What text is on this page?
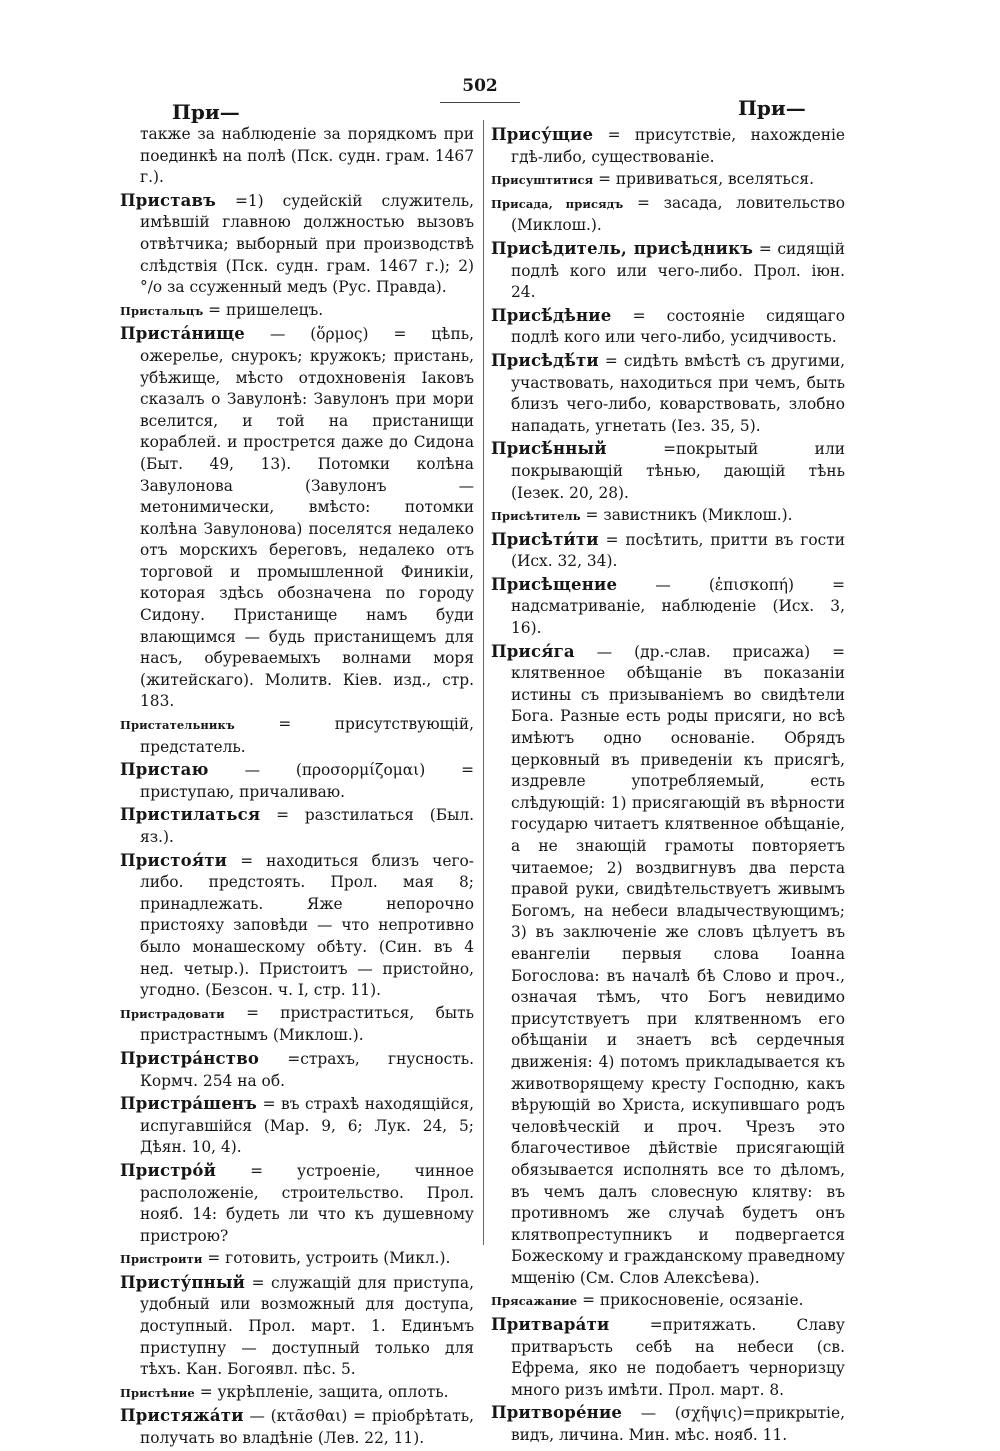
При—
502
При—

также за наблюденіе за порядкомъ при поединкѣ на полѣ (Пск. судн. грам. 1467 г.).

Приставъ =1) судейскій служитель, имѣвшій главною должностью вызовъ отвѣтчика; выборный при производствѣ слѣдствія (Пск. судн. грам. 1467 г.); 2) °/o за ссуженный медъ (Рус. Правда).

Пристальцъ = пришелецъ.

Пристáнище — (ὅρμος) = цѣпь, ожерелье, снурокъ; кружокъ; пристань, убѣжище, мѣсто отдохновенія Іаковъ сказалъ о Завулонѣ: Завулонъ при мори вселится, и той на пристанищи кораблей. и прострется даже до Сидона (Быт. 49, 13). Потомки колѣна Завулонова (Завулонъ — метонимически, вмѣсто: потомки колѣна Завулонова) поселятся недалеко отъ морскихъ береговъ, недалеко отъ торговой и промышленной Финикіи, которая здѣсь обозначена по городу Сидону. Пристанище намъ буди влающимся — будь пристанищемъ для насъ, обуреваемыхъ волнами моря (житейскаго). Молитв. Кiев. изд., стр. 183.

Пристательникъ	= присутствующій, предстатель.

Пристаю — (προσορμίζομαι) = приступаю, причаливаю.

Пристилаться = разстилаться (Был. яз.).

Пристоя́ти = находиться близъ чего-либо. предстоять. Прол. мая 8; принадлежать. Яже непорочно пристояху заповѣди — что непротивно было монашескому обѣту. (Син. въ 4 нед. четыр.). Пристоитъ — пристойно, угодно. (Безсон. ч. I, стр. 11).

Пристрадовати = пристраститься, быть пристрастнымъ (Миклош.).

Пристра́нство =страхъ, гнусность. Кормч. 254 на об.

Пристра́шенъ = въ страхѣ находящійся, испугавшійся (Мар. 9, 6; Лук. 24, 5; Дѣян. 10, 4).

Пристро́й = устроеніе, чинное расположеніе, строительство. Прол. нояб. 14: будеть ли что къ душевному пристрою?

Пристроити = готовить, устроить (Микл.).

Присту́пный = служащій для приступа, удобный или возможный для доступа, доступный. Прол. март. 1. Единъмъ приступну — доступный только для тѣхъ. Кан. Богоявл. пѣс. 5.

Пристѣние = укрѣпленіе, защита, оплоть.

Пристяжа́ти — (κτᾶσθαι) = пріобрѣтать, получать во владѣніе (Лев. 22, 11).

Прису́щие = присутствіе, нахожденіе гдѣ-либо, существованіе.

Присуштитися = прививаться, вселяться.

Присада, присядъ = засада, ловительство (Миклош.).

Присѣдитель, присѣдникъ = сидящій подлѣ кого или чего-либо. Прол. іюн. 24.

Присѣ́дѣние = состояніе сидящаго подлѣ кого или чего-либо, усидчивость.

Присѣдѣ́ти = сидѣть вмѣстѣ съ другими, участвовать, находиться при чемъ, быть близъ чего-либо, коварствовать, злобно нападать, угнетать (Іез. 35, 5).

Присѣ́нный	=покрытый или покрывающій тѣнью, дающій тѣнь (Іезек. 20, 28).

Присѣтитель = завистникъ (Миклош.).

Присѣти́ти = посѣтить, притти въ гости (Исх. 32, 34).

Присѣщение — (ἐπισκοπή) = надсматриваніе, наблюденіе (Исх. 3, 16).

Прися́га — (др.-слав. присажа) = клятвенное обѣщаніе въ показаніи истины съ призываніемъ во свидѣтели Бога. Разные есть роды присяги, но всѣ имѣютъ одно основаніе. Обрядъ церковный въ приведеніи къ присягѣ, издревле употребляемый, есть слѣдующій: 1) присягающій въ вѣрности государю читаетъ клятвенное обѣщаніе, а не знающій грамоты повторяетъ читаемое; 2) воздвигнувъ два перста правой руки, свидѣтельствуетъ живымъ Богомъ, на небеси владычествующимъ; 3) въ заключеніе же словъ цѣлуетъ въ евангеліи первыя слова Іоанна Богослова: въ началѣ бѣ Слово и проч., означая тѣмъ, что Богъ невидимо присутствуетъ при клятвенномъ его обѣщаніи и знаетъ всѣ сердечныя движенія: 4) потомъ прикладывается къ животворящему кресту Господню, какъ вѣрующій во Христа, искупившаго родъ человѣческій и проч. Чрезъ это благочестивое дѣйствіе присягающій обязывается исполнять все то дѣломъ, въ чемъ далъ словесную клятву: въ противномъ же случаѣ будетъ онъ клятвопреступникъ и подвергается Божескому и гражданскому праведному мщенію (См. Слов Алексѣева).

Прясажание = прикосновеніе, осязаніе.

Притвара́ти	=притяжать. Славу притваръсть себѣ на небеси (св. Ефрема, яко не подобаетъ черноризцу много ризъ имѣти. Прол. март. 8.

Притворе́ние — (σχῆψις)=прикрытіе, видъ, личина. Мин. мѣс. нояб. 11.
